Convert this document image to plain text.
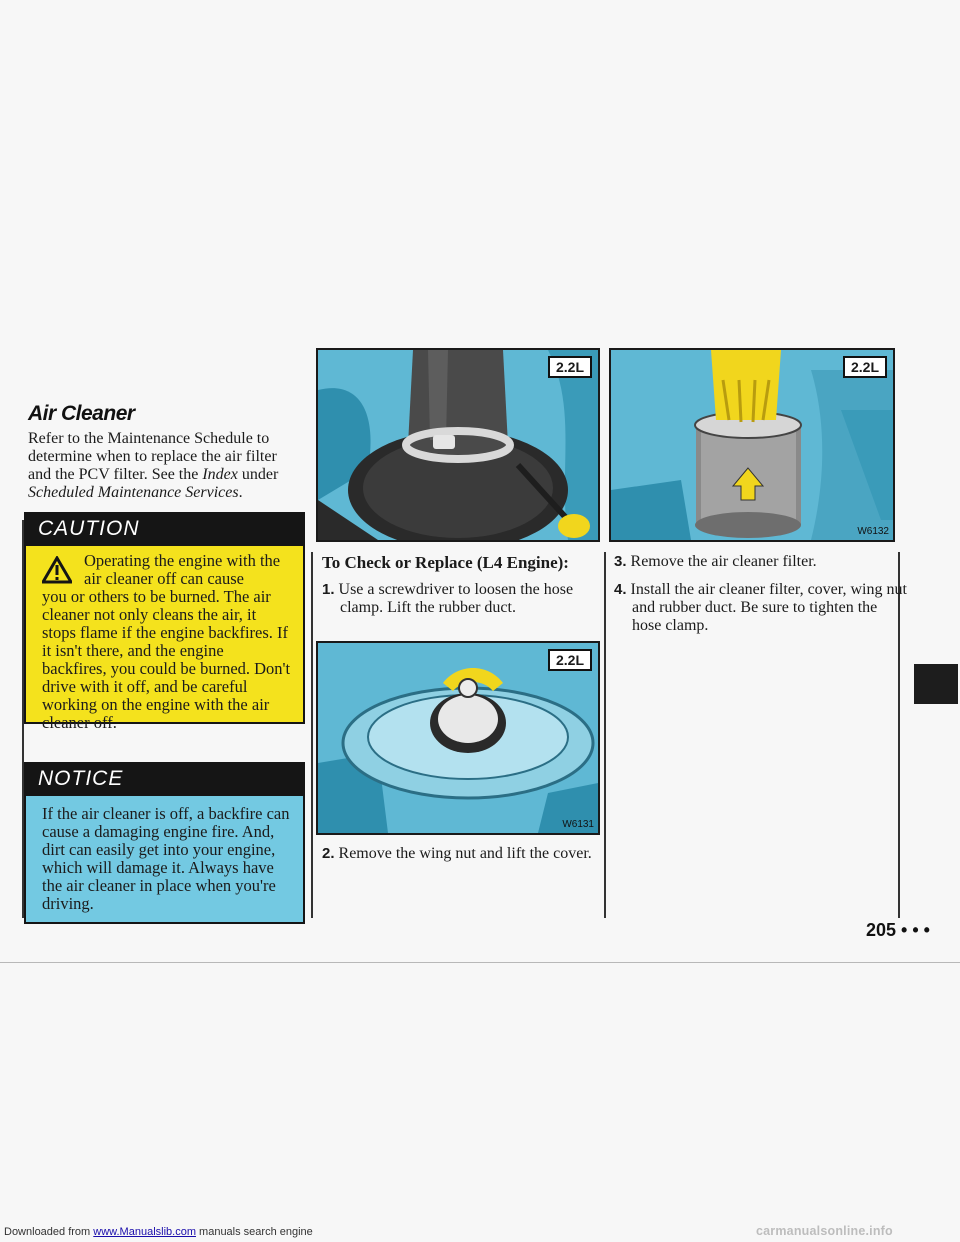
Air Cleaner

Refer to the Maintenance Schedule to determine when to replace the air filter and the PCV filter. See the Index under Scheduled Maintenance Services.

CAUTION

Operating the engine with the air cleaner off can cause
you or others to be burned. The air cleaner not only cleans the air, it stops flame if the engine backfires. If it isn't there, and the engine backfires, you could be burned. Don't drive with it off, and be careful working on the engine with the air cleaner off.

NOTICE
If the air cleaner is off, a backfire can cause a damaging engine fire. And, dirt can easily get into your engine, which will damage it. Always have the air cleaner in place when you're driving.
2.2L
2.2L
W6131
2.2L
W6132
To Check or Replace (L4 Engine):

1. Use a screwdriver to loosen the hose clamp. Lift the rubber duct.

2. Remove the wing nut and lift the cover.

3. Remove the air cleaner filter.

4. Install the air cleaner filter, cover, wing nut and rubber duct. Be sure to tighten the hose clamp.

205 • • •
Downloaded from www.Manualslib.com manuals search engine	carmanualsonline.info
